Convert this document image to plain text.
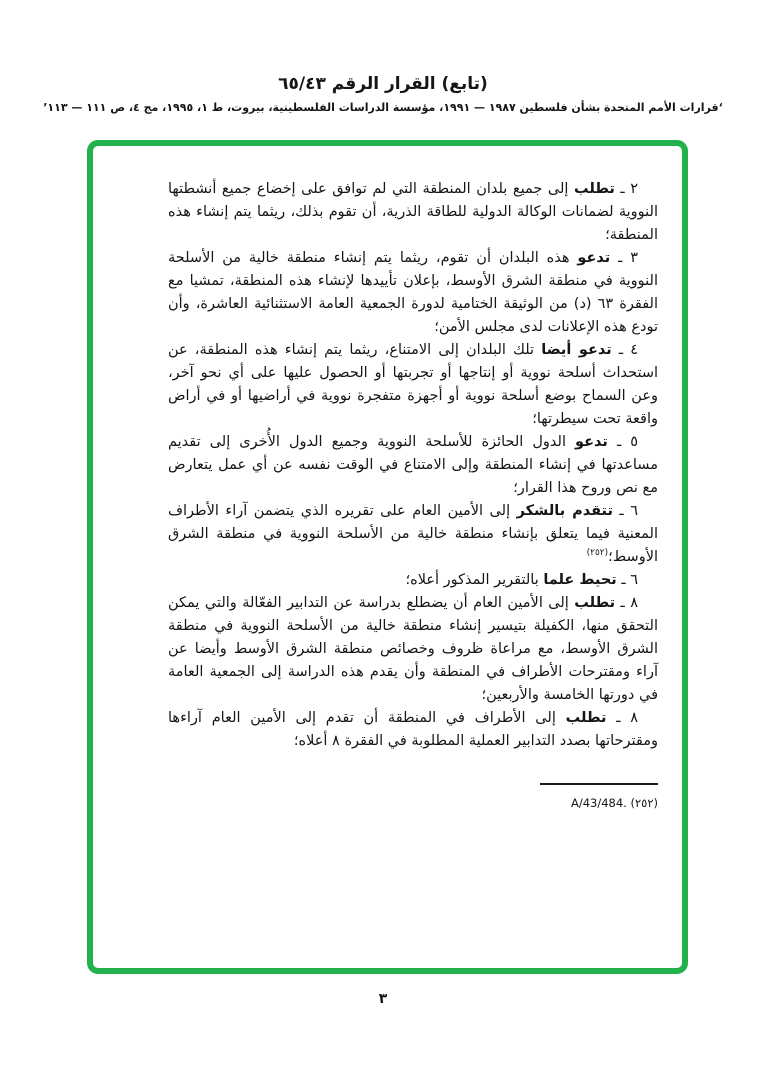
(تابع) القرار الرقم ٦٥/٤٣
‘قرارات الأمم المتحدة بشأن فلسطين ١٩٨٧ — ١٩٩١، مؤسسة الدراسات الفلسطينية، بيروت، ط ١، ١٩٩٥، مج ٤، ص ١١١ — ١١٣’

٢ ـ تطلب إلى جميع بلدان المنطقة التي لم توافق على إخضاع جميع أنشطتها النووية لضمانات الوكالة الدولية للطاقة الذرية، أن تقوم بذلك، ريثما يتم إنشاء هذه المنطقة؛

٣ ـ تدعو هذه البلدان أن تقوم، ريثما يتم إنشاء منطقة خالية من الأسلحة النووية في منطقة الشرق الأوسط، بإعلان تأييدها لإنشاء هذه المنطقة، تمشيا مع الفقرة ٦٣ (د) من الوثيقة الختامية لدورة الجمعية العامة الاستثنائية العاشرة، وأن تودع هذه الإعلانات لدى مجلس الأمن؛

٤ ـ تدعو أيضا تلك البلدان إلى الامتناع، ريثما يتم إنشاء هذه المنطقة، عن استحداث أسلحة نووية أو إنتاجها أو تجربتها أو الحصول عليها على أي نحو آخر، وعن السماح بوضع أسلحة نووية أو أجهزة متفجرة نووية في أراضيها أو في أراض واقعة تحت سيطرتها؛

٥ ـ تدعو الدول الحائزة للأسلحة النووية وجميع الدول الأُخرى إلى تقديم مساعدتها في إنشاء المنطقة وإلى الامتناع في الوقت نفسه عن أي عمل يتعارض مع نص وروح هذا القرار؛

٦ ـ تتقدم بالشكر إلى الأمين العام على تقريره الذي يتضمن آراء الأطراف المعنية فيما يتعلق بإنشاء منطقة خالية من الأسلحة النووية في منطقة الشرق الأوسط؛$^{(٢٥٢)}$

٦ ـ تحيط علما بالتقرير المذكور أعلاه؛

٨ ـ تطلب إلى الأمين العام أن يضطلع بدراسة عن التدابير الفعّالة والتي يمكن التحقق منها، الكفيلة بتيسير إنشاء منطقة خالية من الأسلحة النووية في منطقة الشرق الأوسط، مع مراعاة ظروف وخصائص منطقة الشرق الأوسط وأيضا عن آراء ومقترحات الأطراف في المنطقة وأن يقدم هذه الدراسة إلى الجمعية العامة في دورتها الخامسة والأربعين؛

٨ ـ تطلب إلى الأطراف في المنطقة أن تقدم إلى الأمين العام آراءها ومقترحاتها بصدد التدابير العملية المطلوبة في الفقرة ٨ أعلاه؛

A/43/484. (٢٥٢)
٣
